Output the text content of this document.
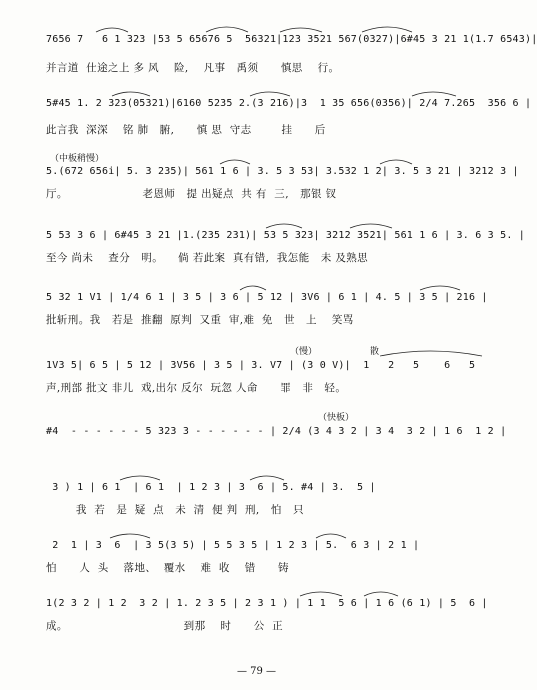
7656 7   6 1 323 |53 5 65676 5  56321|123 3521 567(0327)|6#45 3 21 1(1.7 6543)|
并言道  仕途之上 多 风    险,    凡事   禹须      慎思    行。
5#45 1. 2 323(05321)|6160 5235 2.(3 216)|3  1 35 656(0356)| 2/4 7.265  356 6 |
此言我  深深    铭 肺   腑,      慎 思  守志        挂      后
（中板稍慢）
5.(672 656i| 5. 3 235)| 561 1 6 | 3. 5 3 53| 3.532 1 2| 3. 5 3 21 | 3212 3 |
厅。                    老恩师   提 出疑点  共 有  三,   那银 钗
5 53 3 6 | 6#45 3 21 |1.(235 231)| 53 5 323| 3212 3521| 561 1 6 | 3. 6 3 5. |
至今 尚未    查分   明。    倘 若此案  真有错,  我怎能   未 及熟思
5 32 1 V1 | 1/4 6 1 | 3 5 | 3 6 | 5 12 | 3V6 | 6 1 | 4. 5 | 3 5 | 216 |
批斩刑。我   若是  推翻  原判  又重  审,难  免   世   上    笑骂
（慢）	散
1V3 5| 6 5 | 5 12 | 3V56 | 3 5 | 3. V7 | (3 0 V)|  1   2   5    6   5
声,刑部 批文 非儿  戏,出尔 反尔  玩忽 人命      罪   非   轻。
（快板）
#4  - - - - - - 5 323 3 - - - - - - | 2/4 (3 4 3 2 | 3 4  3 2 | 1 6  1 2 |
3 ) 1 | 6 1  | 6 1  | 1 2 3 | 3  6 | 5. #4 | 3.  5 |
我  若   是  疑  点   未  清  便 判  刑,   怕   只
2  1 | 3  6  | 3 5(3 5) | 5 5 3 5 | 1 2 3 | 5.  6 3 | 2 1 |
怕      人  头    落地、  覆水    难  收    错      铸
1(2 3 2 | 1 2  3 2 | 1. 2 3 5 | 2 3 1 ) | 1 1  5 6 | 1 6 (6 1) | 5  6 |
成。                               到那    时      公  正
— 79 —
